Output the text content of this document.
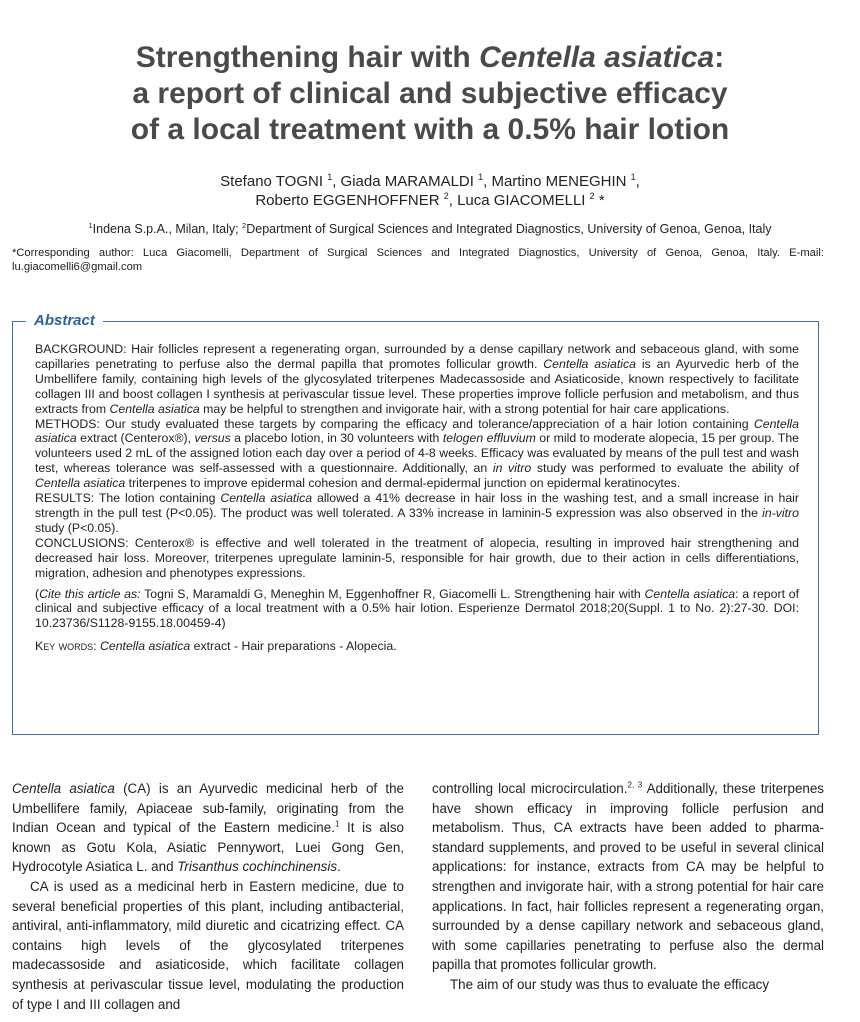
Strengthening hair with Centella asiatica:
a report of clinical and subjective efficacy
of a local treatment with a 0.5% hair lotion
Stefano TOGNI $^1$, Giada MARAMALDI $^1$, Martino MENEGHIN $^1$,
Roberto EGGENHOFFNER $^2$, Luca GIACOMELLI $^2$ *
$^1$Indena S.p.A., Milan, Italy; $^2$Department of Surgical Sciences and Integrated Diagnostics, University of Genoa, Genoa, Italy
*Corresponding author: Luca Giacomelli, Department of Surgical Sciences and Integrated Diagnostics, University of Genoa, Genoa, Italy. E-mail: lu.giacomelli6@gmail.com
Abstract

BACKGROUND: Hair follicles represent a regenerating organ, surrounded by a dense capillary network and sebaceous gland, with some capillaries penetrating to perfuse also the dermal papilla that promotes follicular growth. Centella asiatica is an Ayurvedic herb of the Umbellifere family, containing high levels of the glycosylated triterpenes Madecassoside and Asiaticoside, known respectively to facilitate collagen III and boost collagen I synthesis at perivascular tissue level. These properties improve follicle perfusion and metabolism, and thus extracts from Centella asiatica may be helpful to strengthen and invigorate hair, with a strong potential for hair care applications.

METHODS: Our study evaluated these targets by comparing the efficacy and tolerance/appreciation of a hair lotion containing Centella asiatica extract (Centerox®), versus a placebo lotion, in 30 volunteers with telogen effluvium or mild to moderate alopecia, 15 per group. The volunteers used 2 mL of the assigned lotion each day over a period of 4-8 weeks. Efficacy was evaluated by means of the pull test and wash test, whereas tolerance was self-assessed with a questionnaire. Additionally, an in vitro study was performed to evaluate the ability of Centella asiatica triterpenes to improve epidermal cohesion and dermal-epidermal junction on epidermal keratinocytes.

RESULTS: The lotion containing Centella asiatica allowed a 41% decrease in hair loss in the washing test, and a small increase in hair strength in the pull test (P<0.05). The product was well tolerated. A 33% increase in laminin-5 expression was also observed in the in-vitro study (P<0.05).

CONCLUSIONS: Centerox® is effective and well tolerated in the treatment of alopecia, resulting in improved hair strengthening and decreased hair loss. Moreover, triterpenes upregulate laminin-5, responsible for hair growth, due to their action in cells differentiations, migration, adhesion and phenotypes expressions.

(Cite this article as: Togni S, Maramaldi G, Meneghin M, Eggenhoffner R, Giacomelli L. Strengthening hair with Centella asiatica: a report of clinical and subjective efficacy of a local treatment with a 0.5% hair lotion. Esperienze Dermatol 2018;20(Suppl. 1 to No. 2):27-30. DOI: 10.23736/S1128-9155.18.00459-4)

Key words: Centella asiatica extract - Hair preparations - Alopecia.

Centella asiatica (CA) is an Ayurvedic medicinal herb of the Umbellifere family, Apiaceae sub-family, originating from the Indian Ocean and typical of the Eastern medicine.$^1$ It is also known as Gotu Kola, Asiatic Pennywort, Luei Gong Gen, Hydrocotyle Asiatica L. and Trisanthus cochinchinensis.

CA is used as a medicinal herb in Eastern medicine, due to several beneficial properties of this plant, including antibacterial, antiviral, anti-inflammatory, mild diuretic and cicatrizing effect. CA contains high levels of the glycosylated triterpenes madecassoside and asiaticoside, which facilitate collagen synthesis at perivascular tissue level, modulating the production of type I and III collagen and

controlling local microcirculation.$^{2, 3}$ Additionally, these triterpenes have shown efficacy in improving follicle perfusion and metabolism. Thus, CA extracts have been added to pharma-standard supplements, and proved to be useful in several clinical applications: for instance, extracts from CA may be helpful to strengthen and invigorate hair, with a strong potential for hair care applications. In fact, hair follicles represent a regenerating organ, surrounded by a dense capillary network and sebaceous gland, with some capillaries penetrating to perfuse also the dermal papilla that promotes follicular growth.

The aim of our study was thus to evaluate the efficacy
